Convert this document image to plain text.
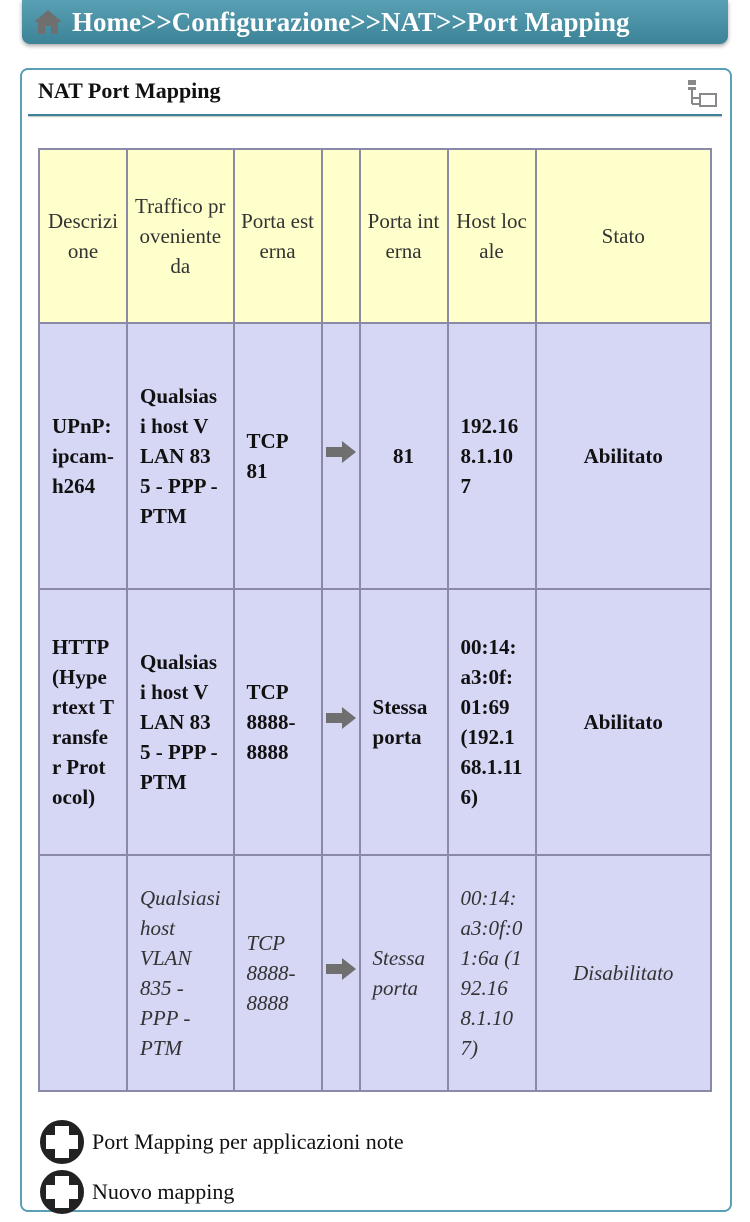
Home>>Configurazione>>NAT>>Port Mapping
NAT Port Mapping
Descrizione	Traffico proveniente da	Porta esterna		Porta interna	Host locale	Stato
UPnP:ipcam-h264	Qualsiasi host VLAN 835 - PPP - PTM	TCP 81		81	192.168.1.107	Abilitato
HTTP (Hypertext Transfer Protocol)	Qualsiasi host VLAN 835 - PPP - PTM	TCP 8888-8888		Stessa porta	00:14:a3:0f:01:69 (192.168.1.116)	Abilitato
	Qualsiasi host VLAN 835 - PPP - PTM	TCP 8888-8888		Stessa porta	00:14:a3:0f:01:6a (192.168.1.107)	Disabilitato
Port Mapping per applicazioni note
Nuovo mapping
